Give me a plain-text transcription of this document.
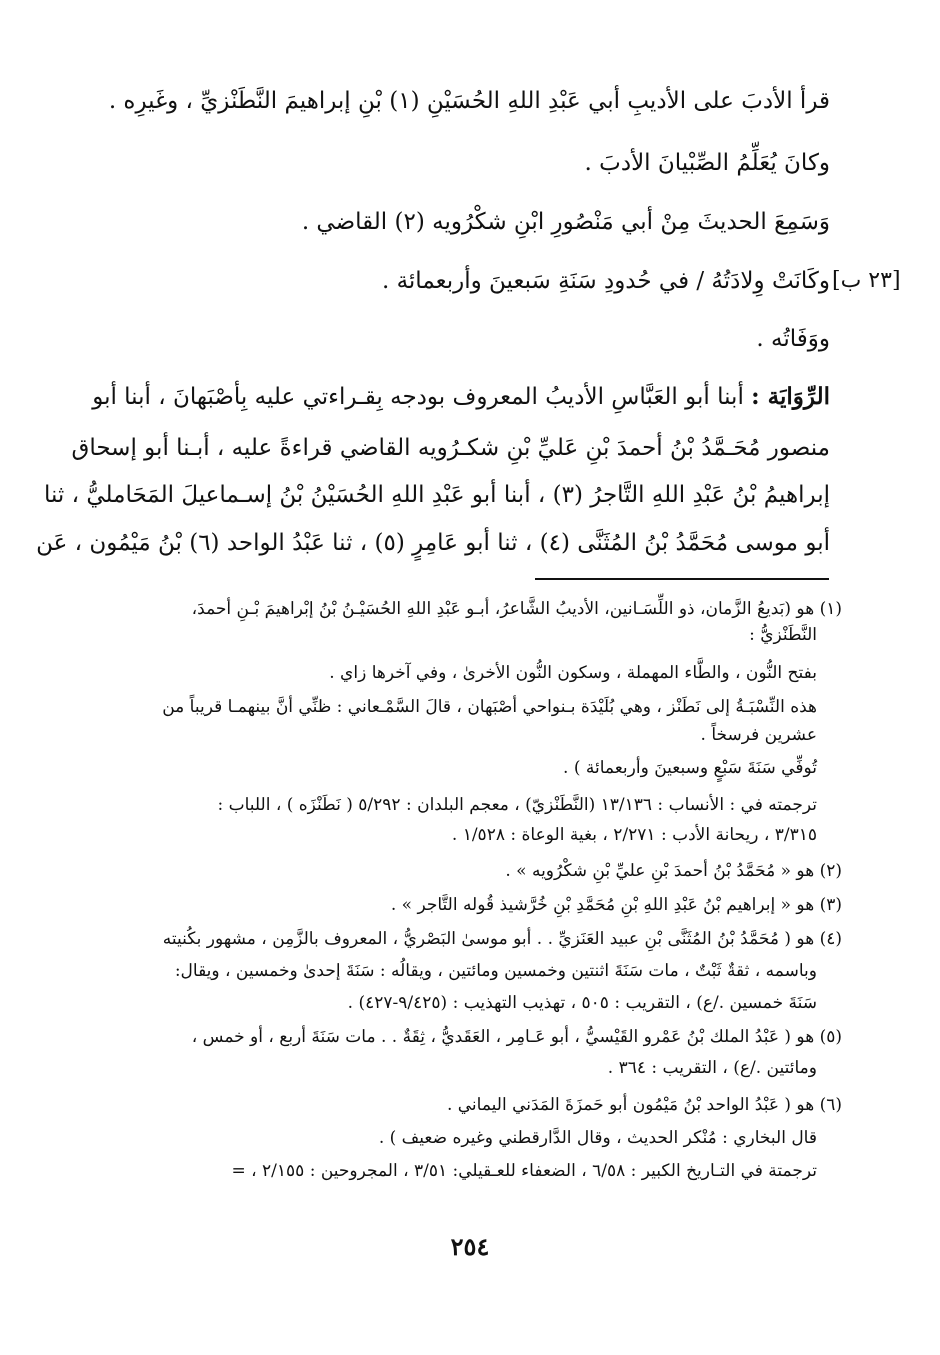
قرأ الأدبَ على الأديبِ أبي عَبْدِ اللهِ الحُسَيْنِ (١) بْنِ إبراهيمَ النَّطَنْزيِّ ، وغَيرِه .
وكانَ يُعَلِّمُ الصِّبْيانَ الأدبَ .
وَسَمِعَ الحديثَ مِنْ أبي مَنْصُورِ ابْنِ شكْرُويه (٢) القاضي .
[٢٣ ب]
وكَانَتْ وِلادَتُهُ / في حُدودِ سَنَةِ سَبعينَ وأربعمائة .
ووَفَاتُه .
الرِّوَايَة : أبنا أبو العَبَّاسِ الأديبُ المعروف بودجه بِقـراءتي عليه بِأصْبَهانَ ، أبنا أبو
منصور مُحَـمَّدُ بْنُ أحمدَ بْنِ عَليِّ بْنِ شكـرُويه القاضي قراءةً عليه ، أبـنا أبو إسحاق
إبراهيمُ بْنُ عَبْدِ اللهِ التَّاجرُ (٣) ، أبنا أبو عَبْدِ اللهِ الحُسَيْنُ بْنُ إسـماعيلَ المَحَامليُّ ، ثنا
أبو موسى مُحَمَّدُ بْنُ المُثَنَّى (٤) ، ثنا أبو عَامِرٍ (٥) ، ثنا عَبْدُ الواحد (٦) بْنُ مَيْمُون ، عَن
(١) هو (بَديعُ الزَّمان، ذو اللِّسَـانين، الأديبُ الشَّاعرُ، أبـو عَبْدِ اللهِ الحُسَيْـنُ بْنُ إبْراهيمَ بْـنِ أحمدَ،
النَّطَنْزيُّ :
بفتح النُّون ، والطَّاء المهملة ، وسكون النُّون الأخرىٰ ، وفي آخرها زاي .
هذه النِّسْبَـةُ إلى نَطَنْز ، وهي بُلَيْدَة بـنواحي أصْبَهان ، قالَ السَّمْـعاني : ظنِّي أنَّ بينهمـا قريباً من
عشرين فرسخاً .
تُوفِّي سَنَةَ سَبْعٍ وسبعينَ وأربعمائة ) .
ترجمته في : الأنساب : ١٣/١٣٦ (النَّطَنْزيّ) ، معجم البلدان : ٥/٢٩٢ ( نَطَنْزَه ) ، اللباب :
٣/٣١٥ ، ريحانة الأدب : ٢/٢٧١ ، بغية الوعاة : ١/٥٢٨ .
(٢) هو « مُحَمَّدُ بْنُ أحمدَ بْنِ عليِّ بْنِ شكْرُويه » .
(٣) هو « إبراهيم بْنُ عَبْدِ اللهِ بْنِ مُحَمَّدِ بْنِ خُرَّشيذ قُوله التَّاجر » .
(٤) هو ( مُحَمَّدُ بْنُ المُثَنَّى بْنِ عبيد العَنَزيِّ . . أبو موسىٰ البَصْريُّ ، المعروف بالزَّمِن ، مشهور بكُنيته
وباسمه ، ثقةٌ ثَبْتٌ ، مات سَنَةَ اثنتين وخمسين ومائتين ، ويقالُه : سَنَةَ إحدىٰ وخمسين ، ويقال:
سَنَةَ خمسين ./ع) ، التقريب : ٥٠٥ ، تهذيب التهذيب : (٩/٤٢٥-٤٢٧) .
(٥) هو ( عَبْدُ الملك بْنُ عَمْرو القَيْسيُّ ، أبو عَـامِر ، العَقَديُّ ، ثِقَةٌ . . مات سَنَةَ أربع ، أو خمس ،
ومائتين ./ع) ، التقريب : ٣٦٤ .
(٦) هو ( عَبْدُ الواحد بْنُ مَيْمُون أبو حَمزَةَ المَدَني اليماني .
قال البخاري : مُنْكر الحديث ، وقال الدَّارقطني وغيره ضعيف ) .
ترجمتة في التـاريخ الكبير : ٦/٥٨ ، الضعفاء للعـقيلي: ٣/٥١ ، المجروحين : ٢/١٥٥ ، =
٢٥٤
